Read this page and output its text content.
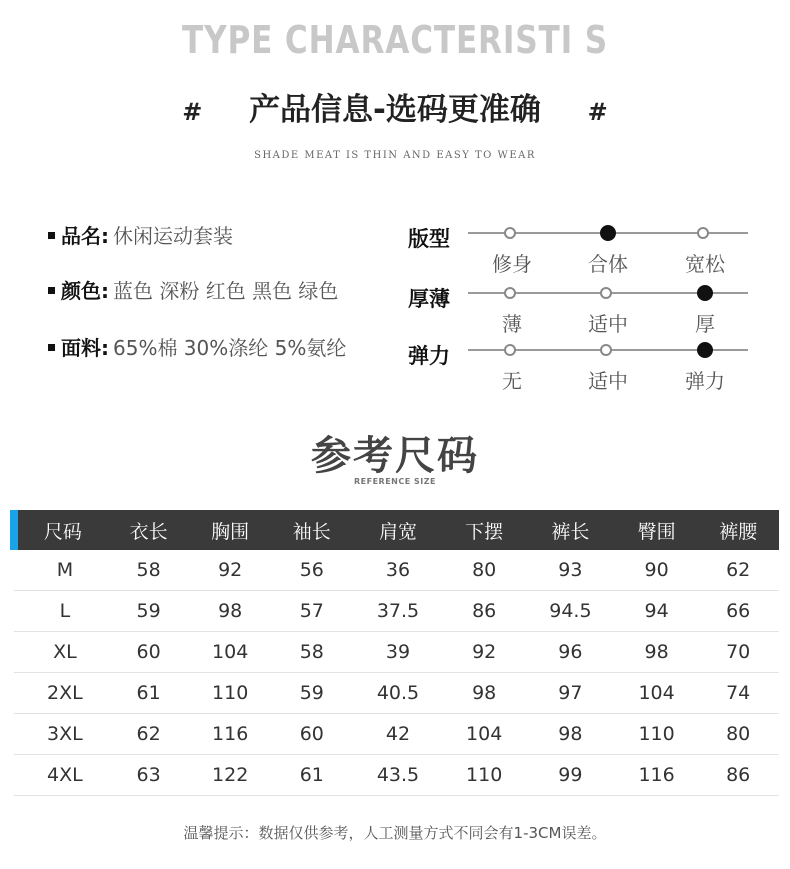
TYPE CHARACTERISTI S
# 产品信息-选码更准确 #
SHADE MEAT IS THIN AND EASY TO WEAR
品名: 休闲运动套装
颜色: 蓝色 深粉 红色 黑色 绿色
面料: 65%棉 30%涤纶 5%氨纶
版型
修身	合体	宽松
厚薄
薄	适中	厚
弹力
无	适中	弹力
参考尺码
REFERENCE SIZE
尺码	衣长	胸围	袖长	肩宽	下摆	裤长	臀围	裤腰
M	58	92	56	36	80	93	90	62
L	59	98	57	37.5	86	94.5	94	66
XL	60	104	58	39	92	96	98	70
2XL	61	110	59	40.5	98	97	104	74
3XL	62	116	60	42	104	98	110	80
4XL	63	122	61	43.5	110	99	116	86
温馨提示：数据仅供参考，人工测量方式不同会有1-3CM误差。
